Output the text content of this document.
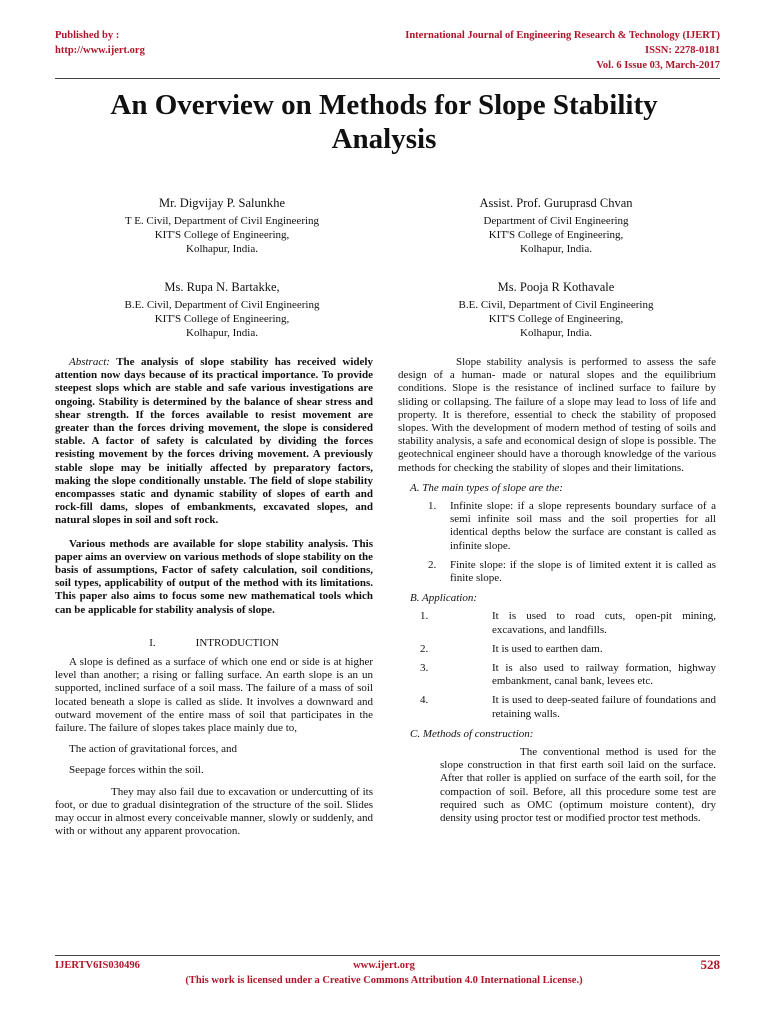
Published by :
http://www.ijert.org
International Journal of Engineering Research & Technology (IJERT)
ISSN: 2278-0181
Vol. 6 Issue 03, March-2017
An Overview on Methods for Slope Stability
Analysis
Mr. Digvijay P. Salunkhe
T E. Civil, Department of Civil Engineering
KIT'S College of Engineering,
Kolhapur, India.
Assist. Prof. Guruprasd Chvan
Department of Civil Engineering
KIT'S College of Engineering,
Kolhapur, India.
Ms. Rupa N. Bartakke,
B.E. Civil, Department of Civil Engineering
KIT'S College of Engineering,
Kolhapur, India.
Ms. Pooja R Kothavale
B.E. Civil, Department of Civil Engineering
KIT'S College of Engineering,
Kolhapur, India.

Abstract: The analysis of slope stability has received widely attention now days because of its practical importance. To provide steepest slops which are stable and safe various investigations are ongoing. Stability is determined by the balance of shear stress and shear strength. If the forces available to resist movement are greater than the forces driving movement, the slope is considered stable. A factor of safety is calculated by dividing the forces resisting movement by the forces driving movement. A previously stable slope may be initially affected by preparatory factors, making the slope conditionally unstable. The field of slope stability encompasses static and dynamic stability of slopes of earth and rock-fill dams, slopes of embankments, excavated slopes, and natural slopes in soil and soft rock.

Various methods are available for slope stability analysis. This paper aims an overview on various methods of slope stability on the basis of assumptions, Factor of safety calculation, soil conditions, soil types, applicability of output of the method with its limitations. This paper also aims to focus some new mathematical tools which can be applicable for stability analysis of slope.

I.	INTRODUCTION

A slope is defined as a surface of which one end or side is at higher level than another; a rising or falling surface. An earth slope is an un supported, inclined surface of a soil mass. The failure of a mass of soil located beneath a slope is called as slide. It involves a downward and outward movement of the entire mass of soil that participates in the failure. The failure of slopes takes place mainly due to,

The action of gravitational forces, and

Seepage forces within the soil.

They may also fail due to excavation or undercutting of its foot, or due to gradual disintegration of the structure of the soil. Slides may occur in almost every conceivable manner, slowly or suddenly, and with or without any apparent provocation.

Slope stability analysis is performed to assess the safe design of a human- made or natural slopes and the equilibrium conditions. Slope is the resistance of inclined surface to failure by sliding or collapsing. The failure of a slope may lead to loss of life and property. It is therefore, essential to check the stability of proposed slopes. With the development of modern method of testing of soils and stability analysis, a safe and economical design of slope is possible. The geotechnical engineer should have a thorough knowledge of the various methods for checking the stability of slopes and their limitations.

A. The main types of slope are the:
1.	Infinite slope: if a slope represents boundary surface of a semi infinite soil mass and the soil properties for all identical depths below the surface are constant is called as infinite slope.
2.	Finite slope: if the slope is of limited extent it is called as finite slope.
B. Application:
1.	It is used to road cuts, open-pit mining, excavations, and landfills.
2.	It is used to earthen dam.
3.	It is also used to railway formation, highway embankment, canal bank, levees etc.
4.	It is used to deep-seated failure of foundations and retaining walls.
C. Methods of construction:

The conventional method is used for the slope construction in that first earth soil laid on the surface. After that roller is applied on surface of the earth soil, for the compaction of soil. Before, all this procedure some test are required such as OMC (optimum moisture content), dry density using proctor test or modified proctor test methods.

IJERTV6IS030496	www.ijert.org	528
(This work is licensed under a Creative Commons Attribution 4.0 International License.)
